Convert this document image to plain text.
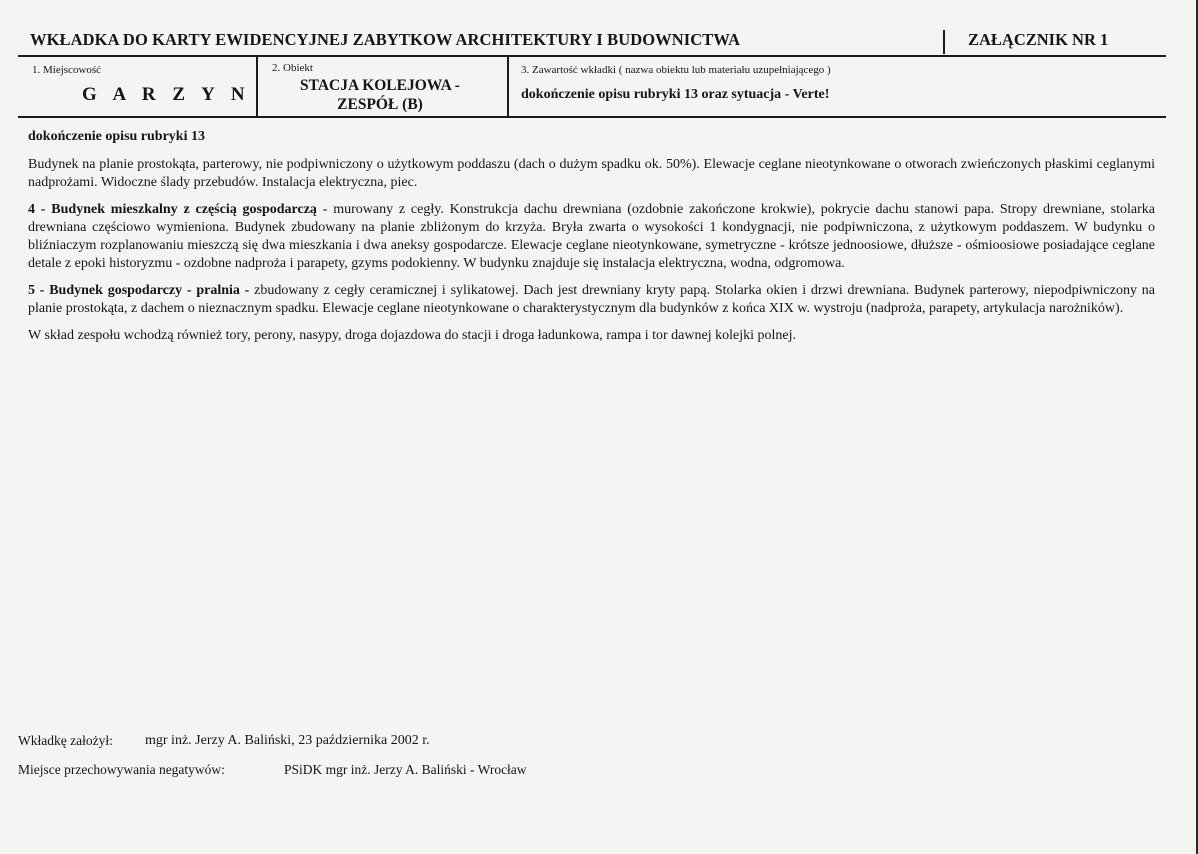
WKŁADKA DO KARTY EWIDENCYJNEJ ZABYTKOW ARCHITEKTURY I BUDOWNICTWA	ZAŁĄCZNIK NR 1
1. Miejscowość
G A R Z Y N
2. Obiekt
STACJA KOLEJOWA -
ZESPÓŁ (B)
3. Zawartość wkładki ( nazwa obiektu lub materiału uzupełniającego )
dokończenie opisu rubryki 13 oraz sytuacja - Verte!

dokończenie opisu rubryki 13

Budynek na planie prostokąta, parterowy, nie podpiwniczony o użytkowym poddaszu (dach o dużym spadku ok. 50%). Elewacje ceglane nieotynkowane o otworach zwieńczonych płaskimi ceglanymi nadprożami. Widoczne ślady przebudów. Instalacja elektryczna, piec.

4 - Budynek mieszkalny z częścią gospodarczą - murowany z cegły. Konstrukcja dachu drewniana (ozdobnie zakończone krokwie), pokrycie dachu stanowi papa. Stropy drewniane, stolarka drewniana częściowo wymieniona. Budynek zbudowany na planie zbliżonym do krzyża. Bryła zwarta o wysokości 1 kondygnacji, nie podpiwniczona, z użytkowym poddaszem. W budynku o bliźniaczym rozplanowaniu mieszczą się dwa mieszkania i dwa aneksy gospodarcze. Elewacje ceglane nieotynkowane, symetryczne - krótsze jednoosiowe, dłuższe - ośmioosiowe posiadające ceglane detale z epoki historyzmu - ozdobne nadproża i parapety, gzyms podokienny. W budynku znajduje się instalacja elektryczna, wodna, odgromowa.

5 - Budynek gospodarczy - pralnia - zbudowany z cegły ceramicznej i sylikatowej. Dach jest drewniany kryty papą. Stolarka okien i drzwi drewniana. Budynek parterowy, niepodpiwniczony na planie prostokąta, z dachem o nieznacznym spadku. Elewacje ceglane nieotynkowane o charakterystycznym dla budynków z końca XIX w. wystroju (nadproża, parapety, artykulacja narożników).

W skład zespołu wchodzą również tory, perony, nasypy, droga dojazdowa do stacji i droga ładunkowa, rampa i tor dawnej kolejki polnej.

Wkładkę założył: mgr inż. Jerzy A. Baliński, 23 października 2002 r.
Miejsce przechowywania negatywów:	PSiDK mgr inż. Jerzy A. Baliński - Wrocław
